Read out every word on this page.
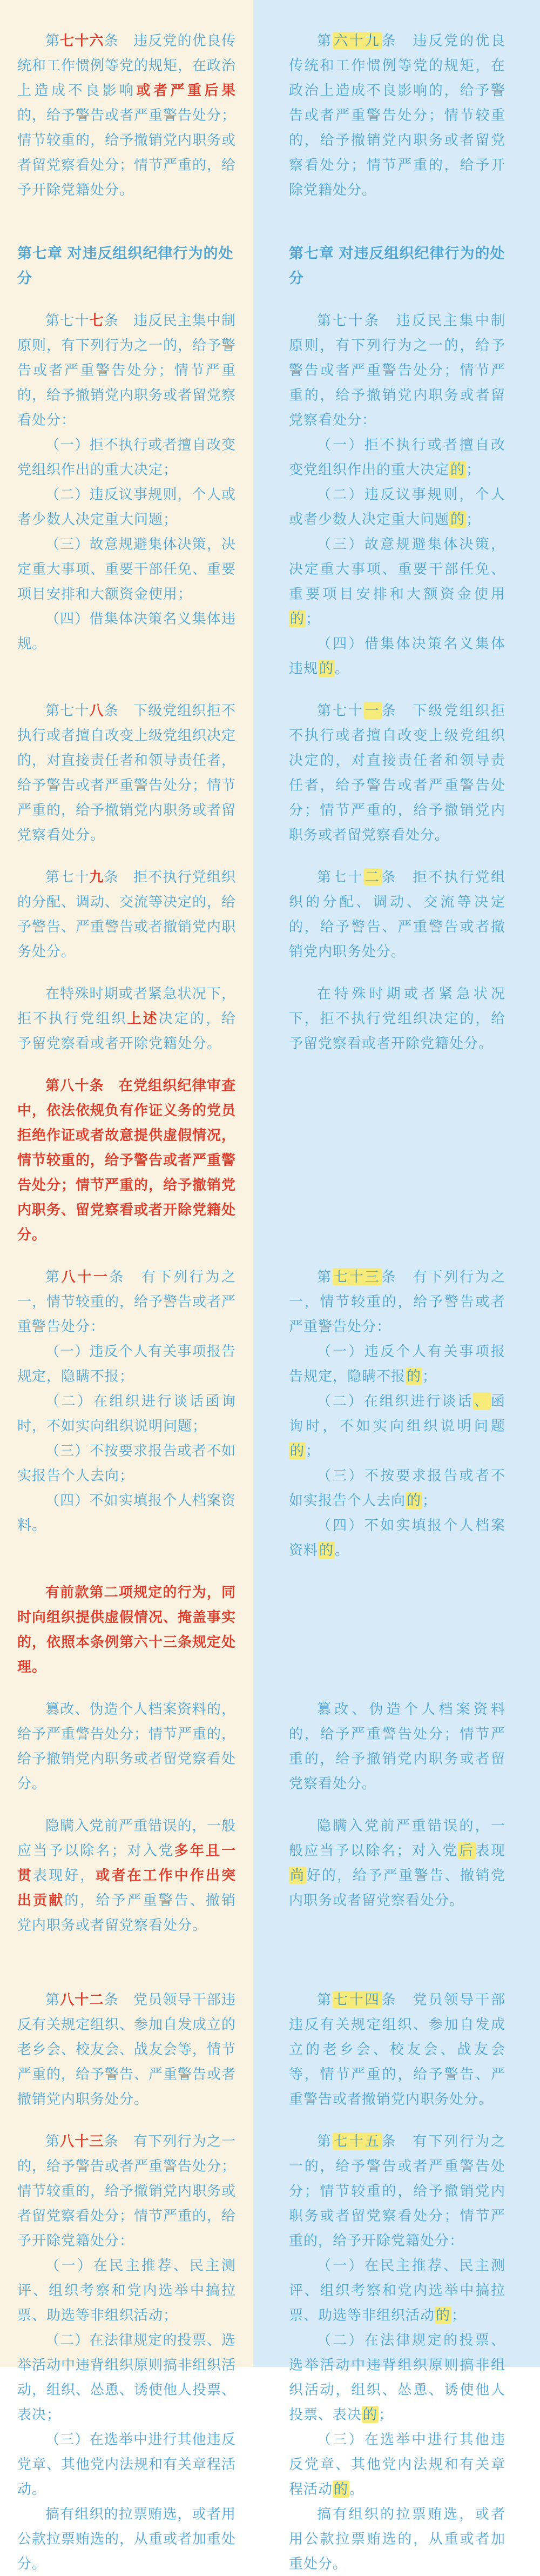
第七十六条　违反党的优良传统和工作惯例等党的规矩，在政治上造成不良影响或者严重后果的，给予警告或者严重警告处分；情节较重的，给予撤销党内职务或者留党察看处分；情节严重的，给予开除党籍处分。

第六十九条　违反党的优良传统和工作惯例等党的规矩，在政治上造成不良影响的，给予警告或者严重警告处分；情节较重的，给予撤销党内职务或者留党察看处分；情节严重的，给予开除党籍处分。

第七章 对违反组织纪律行为的处分
第七章 对违反组织纪律行为的处分

第七十七条　违反民主集中制原则，有下列行为之一的，给予警告或者严重警告处分；情节严重的，给予撤销党内职务或者留党察看处分：

（一）拒不执行或者擅自改变党组织作出的重大决定；

（二）违反议事规则，个人或者少数人决定重大问题；

（三）故意规避集体决策，决定重大事项、重要干部任免、重要项目安排和大额资金使用；

（四）借集体决策名义集体违规。

第七十条　违反民主集中制原则，有下列行为之一的，给予警告或者严重警告处分；情节严重的，给予撤销党内职务或者留党察看处分：

（一）拒不执行或者擅自改变党组织作出的重大决定的；

（二）违反议事规则，个人或者少数人决定重大问题的；

（三）故意规避集体决策，决定重大事项、重要干部任免、重要项目安排和大额资金使用的；

（四）借集体决策名义集体违规的。

第七十八条　下级党组织拒不执行或者擅自改变上级党组织决定的，对直接责任者和领导责任者，给予警告或者严重警告处分；情节严重的，给予撤销党内职务或者留党察看处分。

第七十一条　下级党组织拒不执行或者擅自改变上级党组织决定的，对直接责任者和领导责任者，给予警告或者严重警告处分；情节严重的，给予撤销党内职务或者留党察看处分。

第七十九条　拒不执行党组织的分配、调动、交流等决定的，给予警告、严重警告或者撤销党内职务处分。

第七十二条　拒不执行党组织的分配、调动、交流等决定的，给予警告、严重警告或者撤销党内职务处分。

在特殊时期或者紧急状况下，拒不执行党组织上述决定的，给予留党察看或者开除党籍处分。

在特殊时期或者紧急状况下，拒不执行党组织决定的，给予留党察看或者开除党籍处分。

第八十条　在党组织纪律审查中，依法依规负有作证义务的党员拒绝作证或者故意提供虚假情况，情节较重的，给予警告或者严重警告处分；情节严重的，给予撤销党内职务、留党察看或者开除党籍处分。

第八十一条　有下列行为之一，情节较重的，给予警告或者严重警告处分：

（一）违反个人有关事项报告规定，隐瞒不报；

（二）在组织进行谈话函询时，不如实向组织说明问题；

（三）不按要求报告或者不如实报告个人去向；

（四）不如实填报个人档案资料。

第七十三条　有下列行为之一，情节较重的，给予警告或者严重警告处分：

（一）违反个人有关事项报告规定，隐瞒不报的；

（二）在组织进行谈话、函询时，不如实向组织说明问题的；

（三）不按要求报告或者不如实报告个人去向的；

（四）不如实填报个人档案资料的。

有前款第二项规定的行为，同时向组织提供虚假情况、掩盖事实的，依照本条例第六十三条规定处理。

篡改、伪造个人档案资料的，给予严重警告处分；情节严重的，给予撤销党内职务或者留党察看处分。

篡改、伪造个人档案资料的，给予严重警告处分；情节严重的，给予撤销党内职务或者留党察看处分。

隐瞒入党前严重错误的，一般应当予以除名；对入党多年且一贯表现好，或者在工作中作出突出贡献的，给予严重警告、撤销党内职务或者留党察看处分。

隐瞒入党前严重错误的，一般应当予以除名；对入党后表现尚好的，给予严重警告、撤销党内职务或者留党察看处分。

第八十二条　党员领导干部违反有关规定组织、参加自发成立的老乡会、校友会、战友会等，情节严重的，给予警告、严重警告或者撤销党内职务处分。

第七十四条　党员领导干部违反有关规定组织、参加自发成立的老乡会、校友会、战友会等，情节严重的，给予警告、严重警告或者撤销党内职务处分。

第八十三条　有下列行为之一的，给予警告或者严重警告处分；情节较重的，给予撤销党内职务或者留党察看处分；情节严重的，给予开除党籍处分：

（一）在民主推荐、民主测评、组织考察和党内选举中搞拉票、助选等非组织活动；

（二）在法律规定的投票、选举活动中违背组织原则搞非组织活动，组织、怂恿、诱使他人投票、表决；

（三）在选举中进行其他违反党章、其他党内法规和有关章程活动。

搞有组织的拉票贿选，或者用公款拉票贿选的，从重或者加重处分。

第七十五条　有下列行为之一的，给予警告或者严重警告处分；情节较重的，给予撤销党内职务或者留党察看处分；情节严重的，给予开除党籍处分：

（一）在民主推荐、民主测评、组织考察和党内选举中搞拉票、助选等非组织活动的；

（二）在法律规定的投票、选举活动中违背组织原则搞非组织活动，组织、怂恿、诱使他人投票、表决的；

（三）在选举中进行其他违反党章、其他党内法规和有关章程活动的。

搞有组织的拉票贿选，或者用公款拉票贿选的，从重或者加重处分。
